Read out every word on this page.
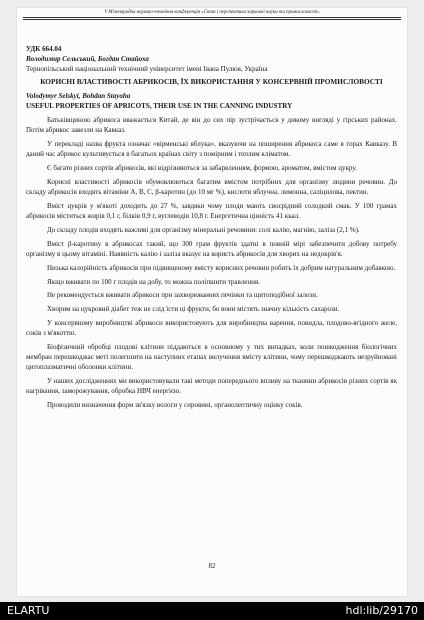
V Міжнародна науково-технічна конференція «Стан і перспективи харчової науки та промисловості»
УДК 664.04
Володимир Сельський, Богдан Стайоха
Тернопільський національний технічний університет імені Івана Пулюя, Україна
КОРИСНІ ВЛАСТИВОСТІ АБРИКОСІВ, ЇХ ВИКОРИСТАННЯ У КОНСЕРВНІЙ ПРОМИСЛОВОСТІ
Volodymyr Selskyi, Bohdan Stayoha
USEFUL PROPERTIES OF APRICOTS, THEIR USE IN THE CANNING INDUSTRY

Батьківщиною абрикоса вважається Китай, де він до сих пір зустрічається у дикому вигляді у гірських районах. Потім абрикос завезли на Кавказ.

У перекладі назва фрукта означає «вірменські яблука», вказуючи на поширення абрикоса саме в горах Кавказу. В даний час абрикос культивується в багатьох країнах світу з помірним і теплим кліматом.

Є багато різних сортів абрикосів, які відрізняються за забарвленням, формою, ароматом, вмістом цукру.

Корисні властивості абрикосів обумовлюються багатим вмістом потрібних для організму людини речовин. До складу абрикосів входять вітаміни А, В, С, β-каротин (до 10 мг %), кислоти яблучна, лимонна, саліцилова, пектин.

Вміст цукрів у м'якоті доходить до 27 %, завдяки чому плоди мають своєрідний солодкий смак. У 100 грамах абрикосів міститься жирів 0,1 г, білків 0,9 г, вуглеводів 10,8 г. Енергетична цінність 41 ккал.

До складу плодів входять важливі для організму мінеральні речовини: солі калію, магнію, заліза (2,1 %).

Вміст β-каротину в абрикосах такий, що 300 грам фруктів здатні в повній мірі забезпечити добову потребу організму в цьому вітаміні. Наявність калію і заліза вказує на користь абрикосів для хворих на недокрів'я.

Низька калорійність абрикосів при підвищеному вмісту корисних речовин робить їх добрим натуральним добавкою.

Якщо вживати по 100 г плодів на добу, то можна поліпшити травлення.

Не рекомендується вживати абрикоси при захворюваннях печінки та щитоподібної залози.

Хворим на цукровий діабет теж не слід їсти ці фрукти, бо вони містять значну кількість сахарози.

У консервному виробництві абрикоси використовують для виробництва варення, повидла, плодово-ягідного желе, соків з м'якоттю.

Біофізичний обробці плодові клітини піддаються в основному у тих випадках, коли пошкодження біологічних мембран перешкоджає меті полегшити на наступних етапах вилучення вмісту клітини, чому перешкоджають незруйновані цитоплазматичні оболонки клітини.

У наших дослідженнях ми використовували такі методи попереднього впливу на тканини абрикосів різних сортів як нагрівання, заморожування, обробка НВЧ енергією.

Проводили визначення форм зв'язку вологи у сировині, органолептичну оцінку соків.

82
ELARTU	hdl:lib/29170
